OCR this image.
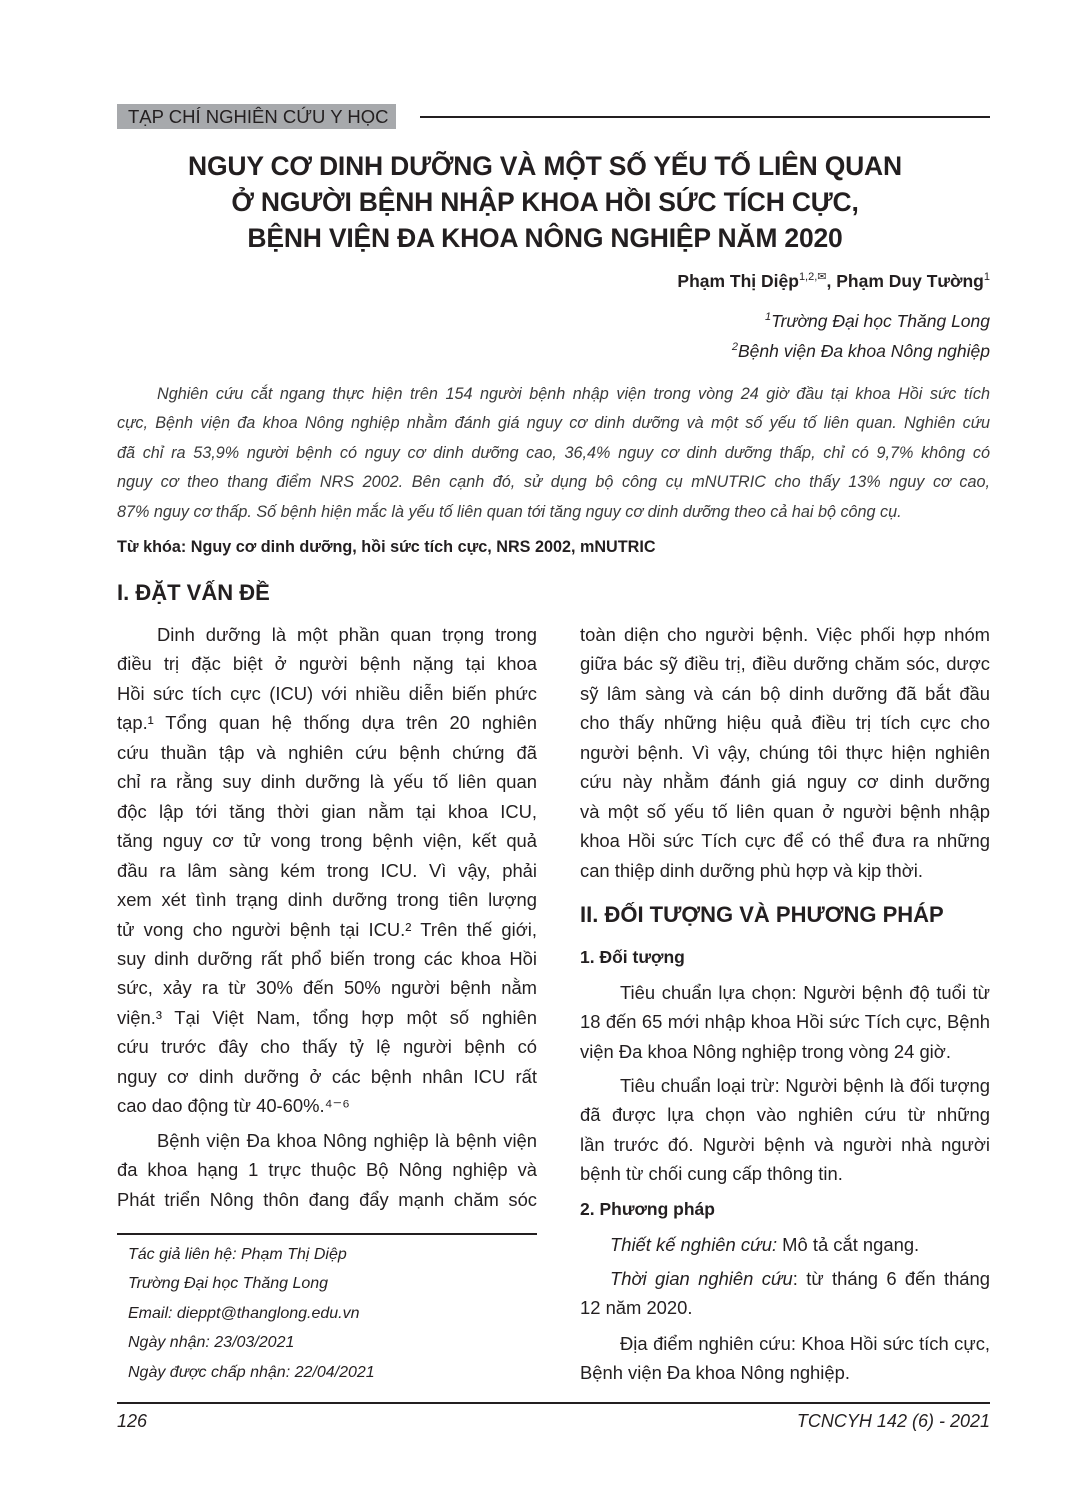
TẠP CHÍ NGHIÊN CỨU Y HỌC
NGUY CƠ DINH DƯỠNG VÀ MỘT SỐ YẾU TỐ LIÊN QUAN
Ở NGƯỜI BỆNH NHẬP KHOA HỒI SỨC TÍCH CỰC,
BỆNH VIỆN ĐA KHOA NÔNG NGHIỆP NĂM 2020
Phạm Thị Diệp$^{1,2,✉}$, Phạm Duy Tường$^1$
$^1$Trường Đại học Thăng Long
$^2$Bệnh viện Đa khoa Nông nghiệp
Nghiên cứu cắt ngang thực hiện trên 154 người bệnh nhập viện trong vòng 24 giờ đầu tại khoa Hồi sức tích
cực, Bệnh viện đa khoa Nông nghiệp nhằm đánh giá nguy cơ dinh dưỡng và một số yếu tố liên quan. Nghiên cứu
đã chỉ ra 53,9% người bệnh có nguy cơ dinh dưỡng cao, 36,4% nguy cơ dinh dưỡng thấp, chỉ có 9,7% không có
nguy cơ theo thang điểm NRS 2002. Bên cạnh đó, sử dụng bộ công cụ mNUTRIC cho thấy 13% nguy cơ cao,
87% nguy cơ thấp. Số bệnh hiện mắc là yếu tố liên quan tới tăng nguy cơ dinh dưỡng theo cả hai bộ công cụ.
Từ khóa: Nguy cơ dinh dưỡng, hồi sức tích cực, NRS 2002, mNUTRIC
I. ĐẶT VẤN ĐỀ
Dinh dưỡng là một phần quan trọng trong
điều trị đặc biệt ở người bệnh nặng tại khoa
Hồi sức tích cực (ICU) với nhiều diễn biến phức
tạp.¹ Tổng quan hệ thống dựa trên 20 nghiên
cứu thuần tập và nghiên cứu bệnh chứng đã
chỉ ra rằng suy dinh dưỡng là yếu tố liên quan
độc lập tới tăng thời gian nằm tại khoa ICU,
tăng nguy cơ tử vong trong bệnh viện, kết quả
đầu ra lâm sàng kém trong ICU. Vì vậy, phải
xem xét tình trạng dinh dưỡng trong tiên lượng
tử vong cho người bệnh tại ICU.² Trên thế giới,
suy dinh dưỡng rất phổ biến trong các khoa Hồi
sức, xảy ra từ 30% đến 50% người bệnh nằm
viện.³ Tại Việt Nam, tổng hợp một số nghiên
cứu trước đây cho thấy tỷ lệ người bệnh có
nguy cơ dinh dưỡng ở các bệnh nhân ICU rất
cao dao động từ 40-60%.⁴⁻⁶
Bệnh viện Đa khoa Nông nghiệp là bệnh viện
đa khoa hạng 1 trực thuộc Bộ Nông nghiệp và
Phát triển Nông thôn đang đẩy mạnh chăm sóc
Tác giả liên hệ: Phạm Thị Diệp
Trường Đại học Thăng Long
Email: dieppt@thanglong.edu.vn
Ngày nhận: 23/03/2021
Ngày được chấp nhận: 22/04/2021
toàn diện cho người bệnh. Việc phối hợp nhóm
giữa bác sỹ điều trị, điều dưỡng chăm sóc, dược
sỹ lâm sàng và cán bộ dinh dưỡng đã bắt đầu
cho thấy những hiệu quả điều trị tích cực cho
người bệnh. Vì vậy, chúng tôi thực hiện nghiên
cứu này nhằm đánh giá nguy cơ dinh dưỡng
và một số yếu tố liên quan ở người bệnh nhập
khoa Hồi sức Tích cực để có thể đưa ra những
can thiệp dinh dưỡng phù hợp và kịp thời.
II. ĐỐI TƯỢNG VÀ PHƯƠNG PHÁP
1. Đối tượng
Tiêu chuẩn lựa chọn: Người bệnh độ tuổi từ
18 đến 65 mới nhập khoa Hồi sức Tích cực, Bệnh
viện Đa khoa Nông nghiệp trong vòng 24 giờ.
Tiêu chuẩn loại trừ: Người bệnh là đối tượng
đã được lựa chọn vào nghiên cứu từ những
lần trước đó. Người bệnh và người nhà người
bệnh từ chối cung cấp thông tin.
2. Phương pháp
Thiết kế nghiên cứu: Mô tả cắt ngang.
Thời gian nghiên cứu: từ tháng 6 đến tháng
12 năm 2020.
Địa điểm nghiên cứu: Khoa Hồi sức tích cực,
Bệnh viện Đa khoa Nông nghiệp.
126	TCNCYH 142 (6) - 2021
